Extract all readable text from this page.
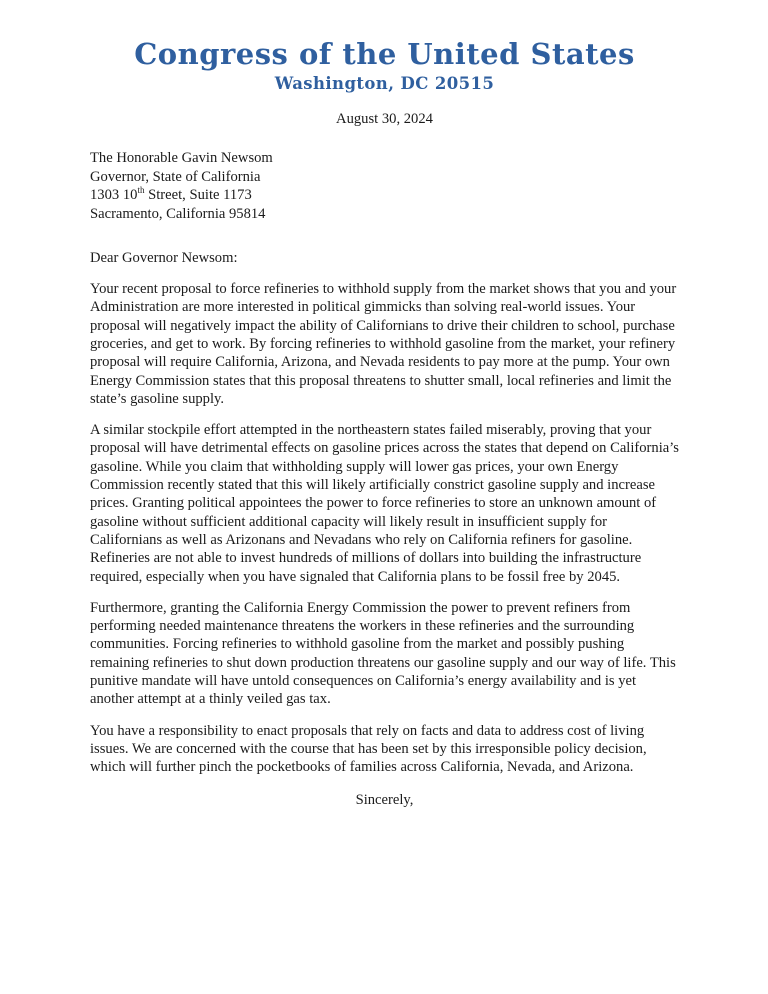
Congress of the United States
Washington, DC 20515
August 30, 2024
The Honorable Gavin Newsom
Governor, State of California
1303 10th Street, Suite 1173
Sacramento, California 95814
Dear Governor Newsom:

Your recent proposal to force refineries to withhold supply from the market shows that you and your Administration are more interested in political gimmicks than solving real-world issues. Your proposal will negatively impact the ability of Californians to drive their children to school, purchase groceries, and get to work. By forcing refineries to withhold gasoline from the market, your refinery proposal will require California, Arizona, and Nevada residents to pay more at the pump. Your own Energy Commission states that this proposal threatens to shutter small, local refineries and limit the state’s gasoline supply.

A similar stockpile effort attempted in the northeastern states failed miserably, proving that your proposal will have detrimental effects on gasoline prices across the states that depend on California’s gasoline. While you claim that withholding supply will lower gas prices, your own Energy Commission recently stated that this will likely artificially constrict gasoline supply and increase prices. Granting political appointees the power to force refineries to store an unknown amount of gasoline without sufficient additional capacity will likely result in insufficient supply for Californians as well as Arizonans and Nevadans who rely on California refiners for gasoline. Refineries are not able to invest hundreds of millions of dollars into building the infrastructure required, especially when you have signaled that California plans to be fossil free by 2045.

Furthermore, granting the California Energy Commission the power to prevent refiners from performing needed maintenance threatens the workers in these refineries and the surrounding communities. Forcing refineries to withhold gasoline from the market and possibly pushing remaining refineries to shut down production threatens our gasoline supply and our way of life. This punitive mandate will have untold consequences on California’s energy availability and is yet another attempt at a thinly veiled gas tax.

You have a responsibility to enact proposals that rely on facts and data to address cost of living issues. We are concerned with the course that has been set by this irresponsible policy decision, which will further pinch the pocketbooks of families across California, Nevada, and Arizona.

Sincerely,
